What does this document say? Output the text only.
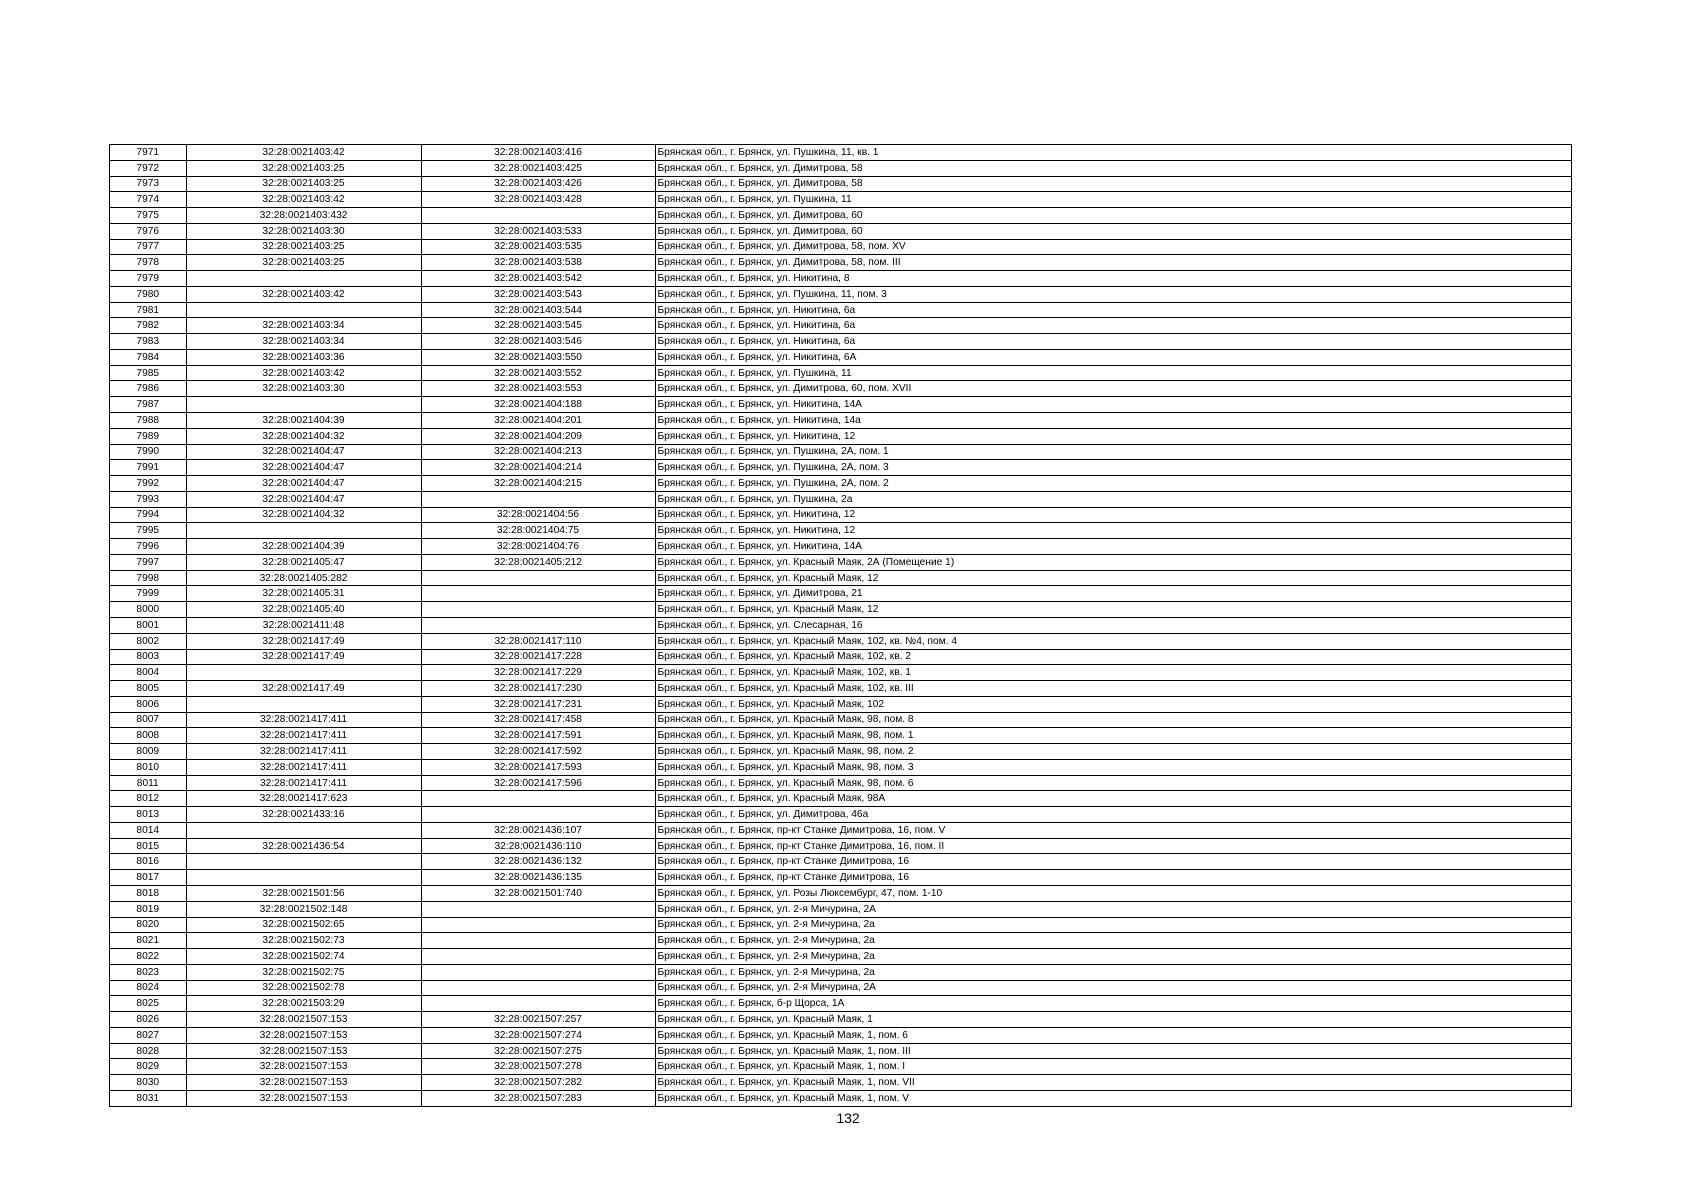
7971	32:28:0021403:42	32:28:0021403:416	Брянская обл., г. Брянск, ул. Пушкина, 11, кв. 1
7972	32:28:0021403:25	32:28:0021403:425	Брянская обл., г. Брянск, ул. Димитрова, 58
7973	32:28:0021403:25	32:28:0021403:426	Брянская обл., г. Брянск, ул. Димитрова, 58
7974	32:28:0021403:42	32:28:0021403:428	Брянская обл., г. Брянск, ул. Пушкина, 11
7975	32:28:0021403:432		Брянская обл., г. Брянск, ул. Димитрова, 60
7976	32:28:0021403:30	32:28:0021403:533	Брянская обл., г. Брянск, ул. Димитрова, 60
7977	32:28:0021403:25	32:28:0021403:535	Брянская обл., г. Брянск, ул. Димитрова, 58, пом. XV
7978	32:28:0021403:25	32:28:0021403:538	Брянская обл., г. Брянск, ул. Димитрова, 58, пом. III
7979		32:28:0021403:542	Брянская обл., г. Брянск, ул. Никитина, 8
7980	32:28:0021403:42	32:28:0021403:543	Брянская обл., г. Брянск, ул. Пушкина, 11, пом. 3
7981		32:28:0021403:544	Брянская обл., г. Брянск, ул. Никитина, 6а
7982	32:28:0021403:34	32:28:0021403:545	Брянская обл., г. Брянск, ул. Никитина, 6а
7983	32:28:0021403:34	32:28:0021403:546	Брянская обл., г. Брянск, ул. Никитина, 6а
7984	32:28:0021403:36	32:28:0021403:550	Брянская обл., г. Брянск, ул. Никитина, 6А
7985	32:28:0021403:42	32:28:0021403:552	Брянская обл., г. Брянск, ул. Пушкина, 11
7986	32:28:0021403:30	32:28:0021403:553	Брянская обл., г. Брянск, ул. Димитрова, 60, пом. XVII
7987		32:28:0021404:188	Брянская обл., г. Брянск, ул. Никитина, 14А
7988	32:28:0021404:39	32:28:0021404:201	Брянская обл., г. Брянск, ул. Никитина, 14а
7989	32:28:0021404:32	32:28:0021404:209	Брянская обл., г. Брянск, ул. Никитина, 12
7990	32:28:0021404:47	32:28:0021404:213	Брянская обл., г. Брянск, ул. Пушкина, 2А, пом. 1
7991	32:28:0021404:47	32:28:0021404:214	Брянская обл., г. Брянск, ул. Пушкина, 2А, пом. 3
7992	32:28:0021404:47	32:28:0021404:215	Брянская обл., г. Брянск, ул. Пушкина, 2А, пом. 2
7993	32:28:0021404:47		Брянская обл., г. Брянск, ул. Пушкина, 2а
7994	32:28:0021404:32	32:28:0021404:56	Брянская обл., г. Брянск, ул. Никитина, 12
7995		32:28:0021404:75	Брянская обл., г. Брянск, ул. Никитина, 12
7996	32:28:0021404:39	32:28:0021404:76	Брянская обл., г. Брянск, ул. Никитина, 14А
7997	32:28:0021405:47	32:28:0021405:212	Брянская обл., г. Брянск, ул. Красный Маяк, 2А (Помещение 1)
7998	32:28:0021405:282		Брянская обл., г. Брянск, ул. Красный Маяк, 12
7999	32:28:0021405:31		Брянская обл., г. Брянск, ул. Димитрова, 21
8000	32:28:0021405:40		Брянская обл., г. Брянск, ул. Красный Маяк, 12
8001	32:28:0021411:48		Брянская обл., г. Брянск, ул. Слесарная, 16
8002	32:28:0021417:49	32:28:0021417:110	Брянская обл., г. Брянск, ул. Красный Маяк, 102, кв. №4, пом. 4
8003	32:28:0021417:49	32:28:0021417:228	Брянская обл., г. Брянск, ул. Красный Маяк, 102, кв. 2
8004		32:28:0021417:229	Брянская обл., г. Брянск, ул. Красный Маяк, 102, кв. 1
8005	32:28:0021417:49	32:28:0021417:230	Брянская обл., г. Брянск, ул. Красный Маяк, 102, кв. III
8006		32:28:0021417:231	Брянская обл., г. Брянск, ул. Красный Маяк, 102
8007	32:28:0021417:411	32:28:0021417:458	Брянская обл., г. Брянск, ул. Красный Маяк, 98, пом. 8
8008	32:28:0021417:411	32:28:0021417:591	Брянская обл., г. Брянск, ул. Красный Маяк, 98, пом. 1
8009	32:28:0021417:411	32:28:0021417:592	Брянская обл., г. Брянск, ул. Красный Маяк, 98, пом. 2
8010	32:28:0021417:411	32:28:0021417:593	Брянская обл., г. Брянск, ул. Красный Маяк, 98, пом. 3
8011	32:28:0021417:411	32:28:0021417:596	Брянская обл., г. Брянск, ул. Красный Маяк, 98, пом. 6
8012	32:28:0021417:623		Брянская обл., г. Брянск, ул. Красный Маяк, 98А
8013	32:28:0021433:16		Брянская обл., г. Брянск, ул. Димитрова, 46а
8014		32:28:0021436:107	Брянская обл., г. Брянск, пр-кт Станке Димитрова, 16, пом. V
8015	32:28:0021436:54	32:28:0021436:110	Брянская обл., г. Брянск, пр-кт Станке Димитрова, 16, пом. II
8016		32:28:0021436:132	Брянская обл., г. Брянск, пр-кт Станке Димитрова, 16
8017		32:28:0021436:135	Брянская обл., г. Брянск, пр-кт Станке Димитрова, 16
8018	32:28:0021501:56	32:28:0021501:740	Брянская обл., г. Брянск, ул. Розы Люксембург, 47, пом. 1-10
8019	32:28:0021502:148		Брянская обл., г. Брянск, ул. 2-я Мичурина, 2А
8020	32:28:0021502:65		Брянская обл., г. Брянск, ул. 2-я Мичурина, 2а
8021	32:28:0021502:73		Брянская обл., г. Брянск, ул. 2-я Мичурина, 2а
8022	32:28:0021502:74		Брянская обл., г. Брянск, ул. 2-я Мичурина, 2а
8023	32:28:0021502:75		Брянская обл., г. Брянск, ул. 2-я Мичурина, 2а
8024	32:28:0021502:78		Брянская обл., г. Брянск, ул. 2-я Мичурина, 2А
8025	32:28:0021503:29		Брянская обл., г. Брянск, б-р Щорса, 1А
8026	32:28:0021507:153	32:28:0021507:257	Брянская обл., г. Брянск, ул. Красный Маяк, 1
8027	32:28:0021507:153	32:28:0021507:274	Брянская обл., г. Брянск, ул. Красный Маяк, 1, пом. 6
8028	32:28:0021507:153	32:28:0021507:275	Брянская обл., г. Брянск, ул. Красный Маяк, 1, пом. III
8029	32:28:0021507:153	32:28:0021507:278	Брянская обл., г. Брянск, ул. Красный Маяк, 1, пом. I
8030	32:28:0021507:153	32:28:0021507:282	Брянская обл., г. Брянск, ул. Красный Маяк, 1, пом. VII
8031	32:28:0021507:153	32:28:0021507:283	Брянская обл., г. Брянск, ул. Красный Маяк, 1, пом. V
132
